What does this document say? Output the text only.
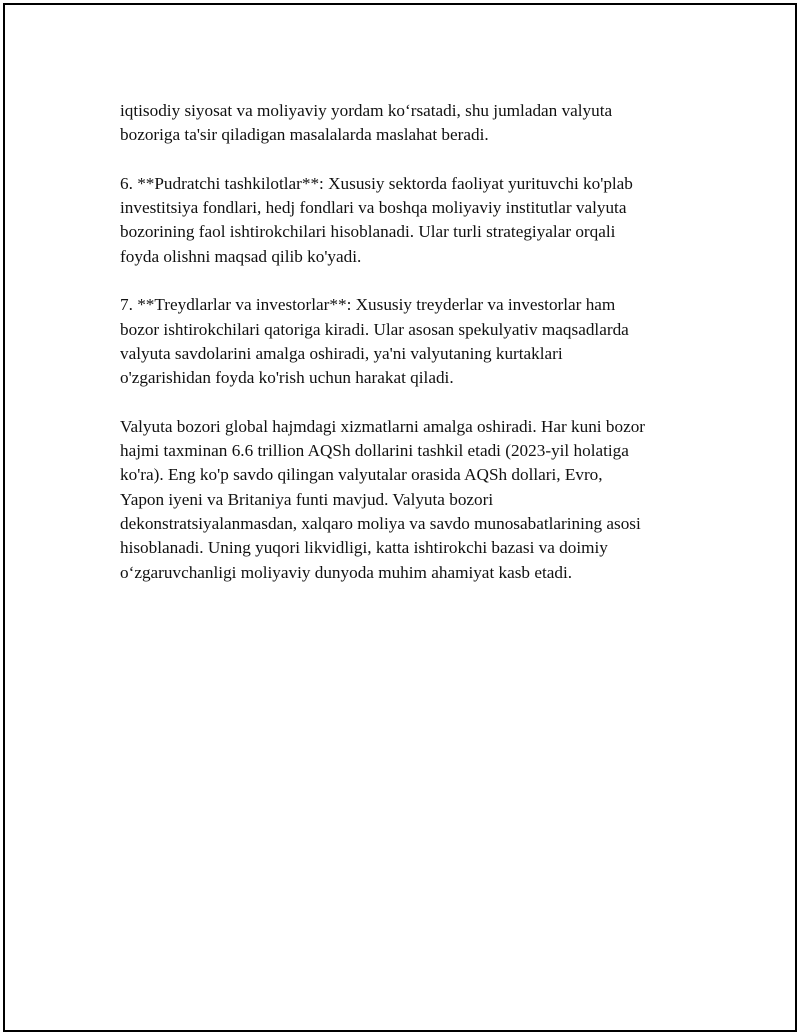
iqtisodiy siyosat va moliyaviy yordam koʻrsatadi, shu jumladan valyuta
bozoriga ta'sir qiladigan masalalarda maslahat beradi.

6. **Pudratchi tashkilotlar**: Xususiy sektorda faoliyat yurituvchi ko'plab
investitsiya fondlari, hedj fondlari va boshqa moliyaviy institutlar valyuta
bozorining faol ishtirokchilari hisoblanadi. Ular turli strategiyalar orqali
foyda olishni maqsad qilib ko'yadi.

7. **Treydlarlar va investorlar**: Xususiy treyderlar va investorlar ham
bozor ishtirokchilari qatoriga kiradi. Ular asosan spekulyativ maqsadlarda
valyuta savdolarini amalga oshiradi, ya'ni valyutaning kurtaklari
o'zgarishidan foyda ko'rish uchun harakat qiladi.

Valyuta bozori global hajmdagi xizmatlarni amalga oshiradi. Har kuni bozor
hajmi taxminan 6.6 trillion AQSh dollarini tashkil etadi (2023-yil holatiga
ko'ra). Eng ko'p savdo qilingan valyutalar orasida AQSh dollari, Evro,
Yapon iyeni va Britaniya funti mavjud. Valyuta bozori
dekonstratsiyalanmasdan, xalqaro moliya va savdo munosabatlarining asosi
hisoblanadi. Uning yuqori likvidligi, katta ishtirokchi bazasi va doimiy
oʻzgaruvchanligi moliyaviy dunyoda muhim ahamiyat kasb etadi.
